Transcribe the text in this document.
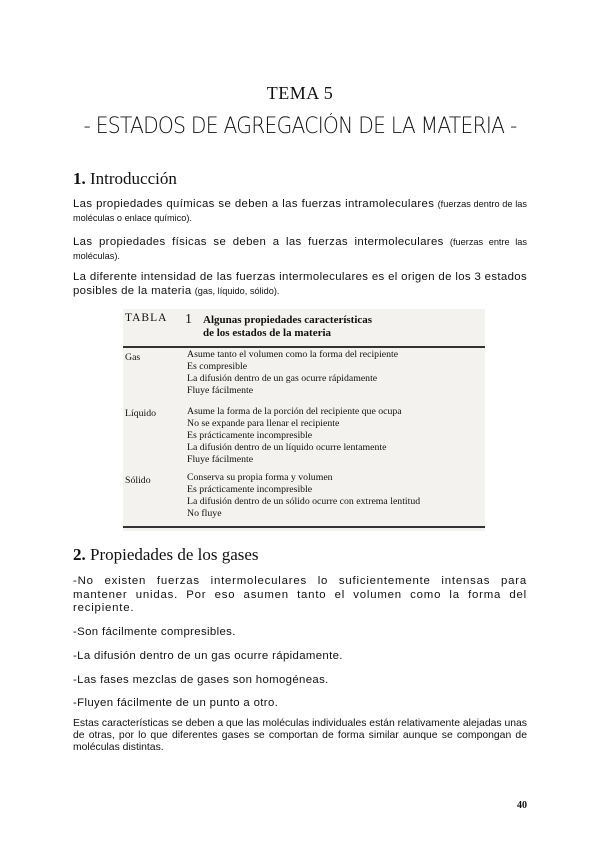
TEMA 5
- ESTADOS DE AGREGACIÓN DE LA MATERIA -
1. Introducción
Las propiedades químicas se deben a las fuerzas intramoleculares (fuerzas dentro de las moléculas o enlace químico).
Las propiedades físicas se deben a las fuerzas intermoleculares (fuerzas entre las moléculas).
La diferente intensidad de las fuerzas intermoleculares es el origen de los 3 estados posibles de la materia (gas, líquido, sólido).
TABLA 1 Algunas propiedades características
de los estados de la materia
Gas	Asume tanto el volumen como la forma del recipiente
Es compresible
La difusión dentro de un gas ocurre rápidamente
Fluye fácilmente
Líquido	Asume la forma de la porción del recipiente que ocupa
No se expande para llenar el recipiente
Es prácticamente incompresible
La difusión dentro de un líquido ocurre lentamente
Fluye fácilmente
Sólido	Conserva su propia forma y volumen
Es prácticamente incompresible
La difusión dentro de un sólido ocurre con extrema lentitud
No fluye
2. Propiedades de los gases
-No existen fuerzas intermoleculares lo suficientemente intensas para mantener unidas. Por eso asumen tanto el volumen como la forma del recipiente.
-Son fácilmente compresibles.
-La difusión dentro de un gas ocurre rápidamente.
-Las fases mezclas de gases son homogéneas.
-Fluyen fácilmente de un punto a otro.
Estas características se deben a que las moléculas individuales están relativamente alejadas unas de otras, por lo que diferentes gases se comportan de forma similar aunque se compongan de moléculas distintas.
40
